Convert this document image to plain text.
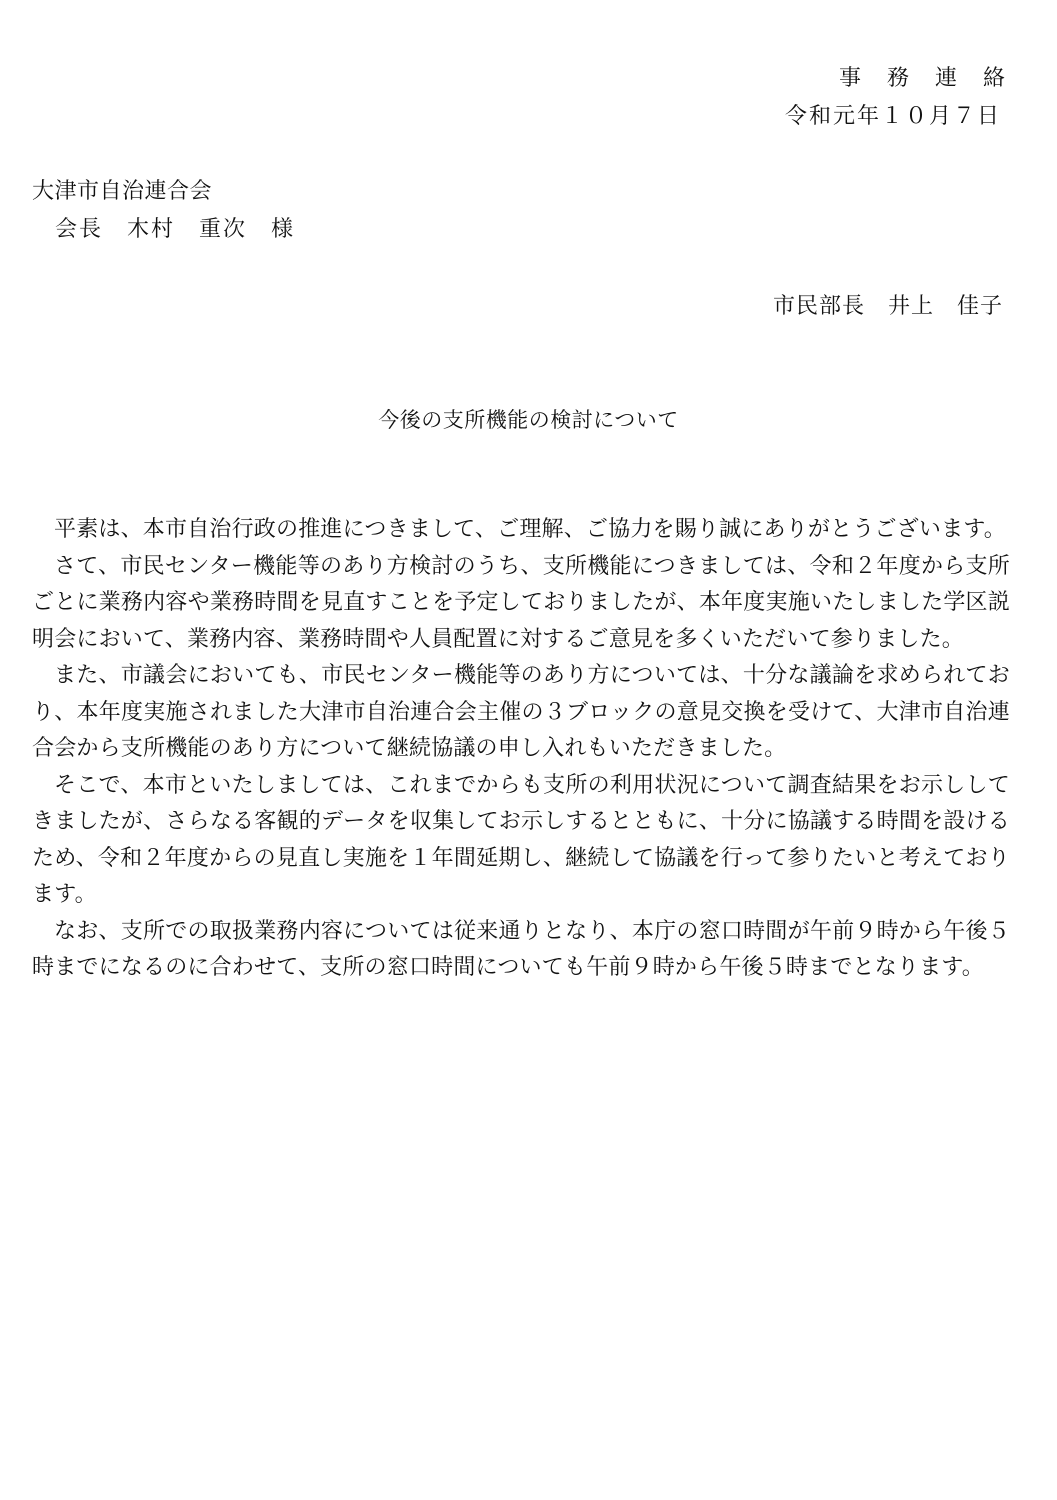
事務連絡
令和元年１０月７日
大津市自治連合会
会長　木村　重次　様
市民部長　井上　佳子
今後の支所機能の検討について

平素は、本市自治行政の推進につきまして、ご理解、ご協力を賜り誠にありがとうございます。

さて、市民センター機能等のあり方検討のうち、支所機能につきましては、令和２年度から支所ごとに業務内容や業務時間を見直すことを予定しておりましたが、本年度実施いたしました学区説明会において、業務内容、業務時間や人員配置に対するご意見を多くいただいて参りました。

また、市議会においても、市民センター機能等のあり方については、十分な議論を求められており、本年度実施されました大津市自治連合会主催の３ブロックの意見交換を受けて、大津市自治連合会から支所機能のあり方について継続協議の申し入れもいただきました。

そこで、本市といたしましては、これまでからも支所の利用状況について調査結果をお示ししてきましたが、さらなる客観的データを収集してお示しするとともに、十分に協議する時間を設けるため、令和２年度からの見直し実施を１年間延期し、継続して協議を行って参りたいと考えております。

なお、支所での取扱業務内容については従来通りとなり、本庁の窓口時間が午前９時から午後５時までになるのに合わせて、支所の窓口時間についても午前９時から午後５時までとなります。
